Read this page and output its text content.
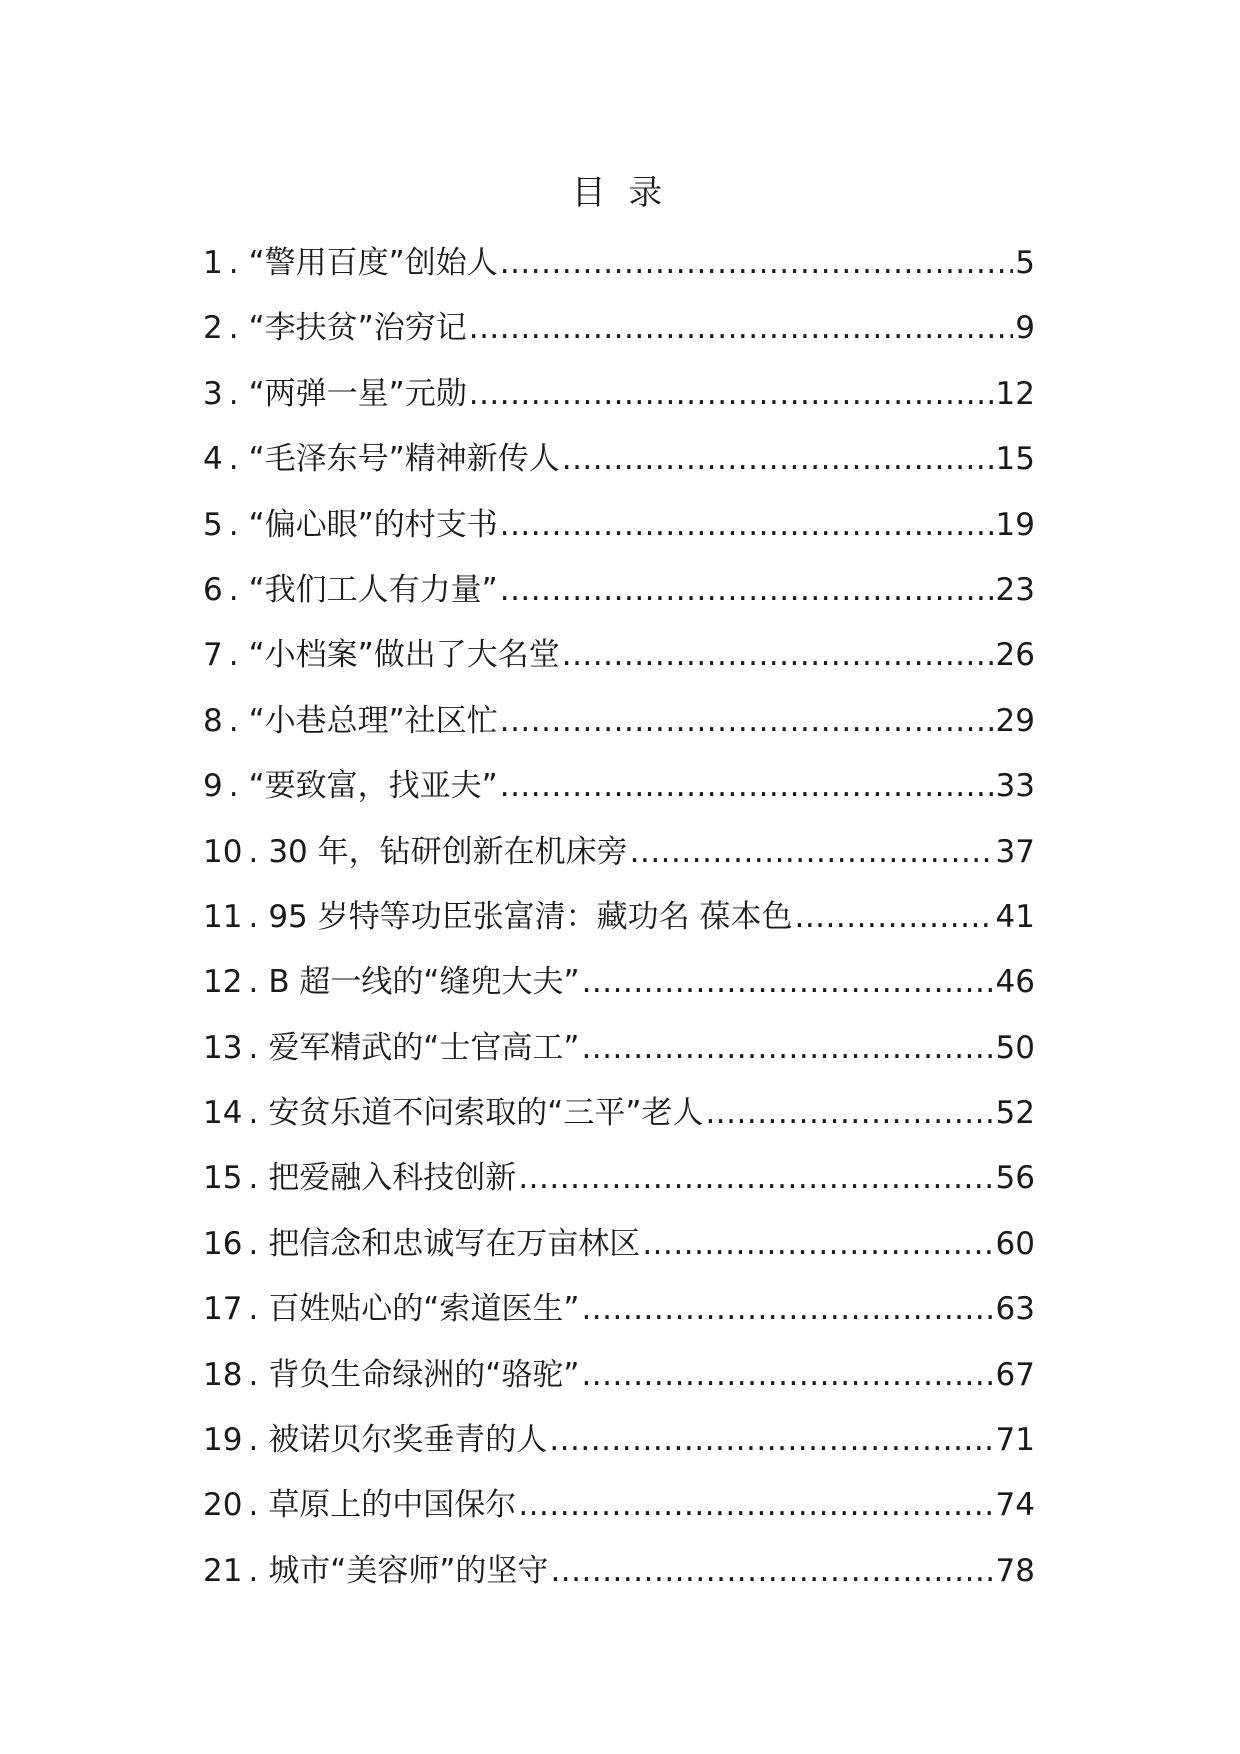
目 录
1 . “警用百度”创始人 .....	5
2 . “李扶贫”治穷记 .....	9
3 . “两弹一星”元勋 .....	12
4 . “毛泽东号”精神新传人 .....	15
5 . “偏心眼”的村支书 .....	19
6 . “我们工人有力量” .....	23
7 . “小档案”做出了大名堂 .....	26
8 . “小巷总理”社区忙 .....	29
9 . “要致富，找亚夫” .....	33
10 . 30 年，钻研创新在机床旁 .....	37
11 . 95 岁特等功臣张富清：藏功名 葆本色 .....	41
12 . B 超一线的“缝兜大夫” .....	46
13 . 爱军精武的“士官高工” .....	50
14 . 安贫乐道不问索取的“三平”老人 .....	52
15 . 把爱融入科技创新 .....	56
16 . 把信念和忠诚写在万亩林区 .....	60
17 . 百姓贴心的“索道医生” .....	63
18 . 背负生命绿洲的“骆驼” .....	67
19 . 被诺贝尔奖垂青的人 .....	71
20 . 草原上的中国保尔 .....	74
21 . 城市“美容师”的坚守 .....	78
